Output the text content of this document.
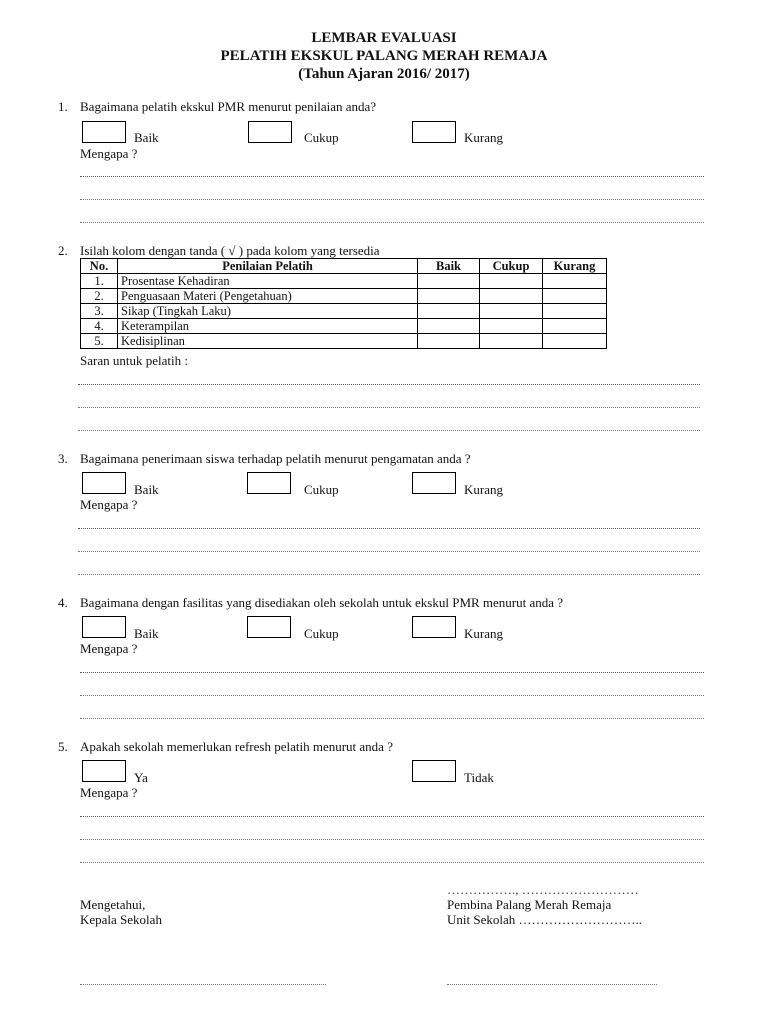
LEMBAR EVALUASI
PELATIH EKSKUL PALANG MERAH REMAJA
(Tahun Ajaran 2016/ 2017)
1. Bagaimana pelatih ekskul PMR menurut penilaian anda?
Baik	Cukup	Kurang
Mengapa ?
2. Isilah kolom dengan tanda ( √ ) pada kolom yang tersedia
No.	Penilaian Pelatih	Baik	Cukup	Kurang
1.	Prosentase Kehadiran			
2.	Penguasaan Materi (Pengetahuan)			
3.	Sikap (Tingkah Laku)			
4.	Keterampilan			
5.	Kedisiplinan			
Saran untuk pelatih :
3. Bagaimana penerimaan siswa terhadap pelatih menurut pengamatan anda ?
Baik	Cukup	Kurang
Mengapa ?
4. Bagaimana dengan fasilitas yang disediakan oleh sekolah untuk ekskul PMR menurut anda ?
Baik	Cukup	Kurang
Mengapa ?
5. Apakah sekolah memerlukan refresh pelatih menurut anda ?
Ya	Tidak
Mengapa ?
……………., ………………………
Mengetahui,
Kepala Sekolah
Pembina Palang Merah Remaja
Unit Sekolah ………………………..
